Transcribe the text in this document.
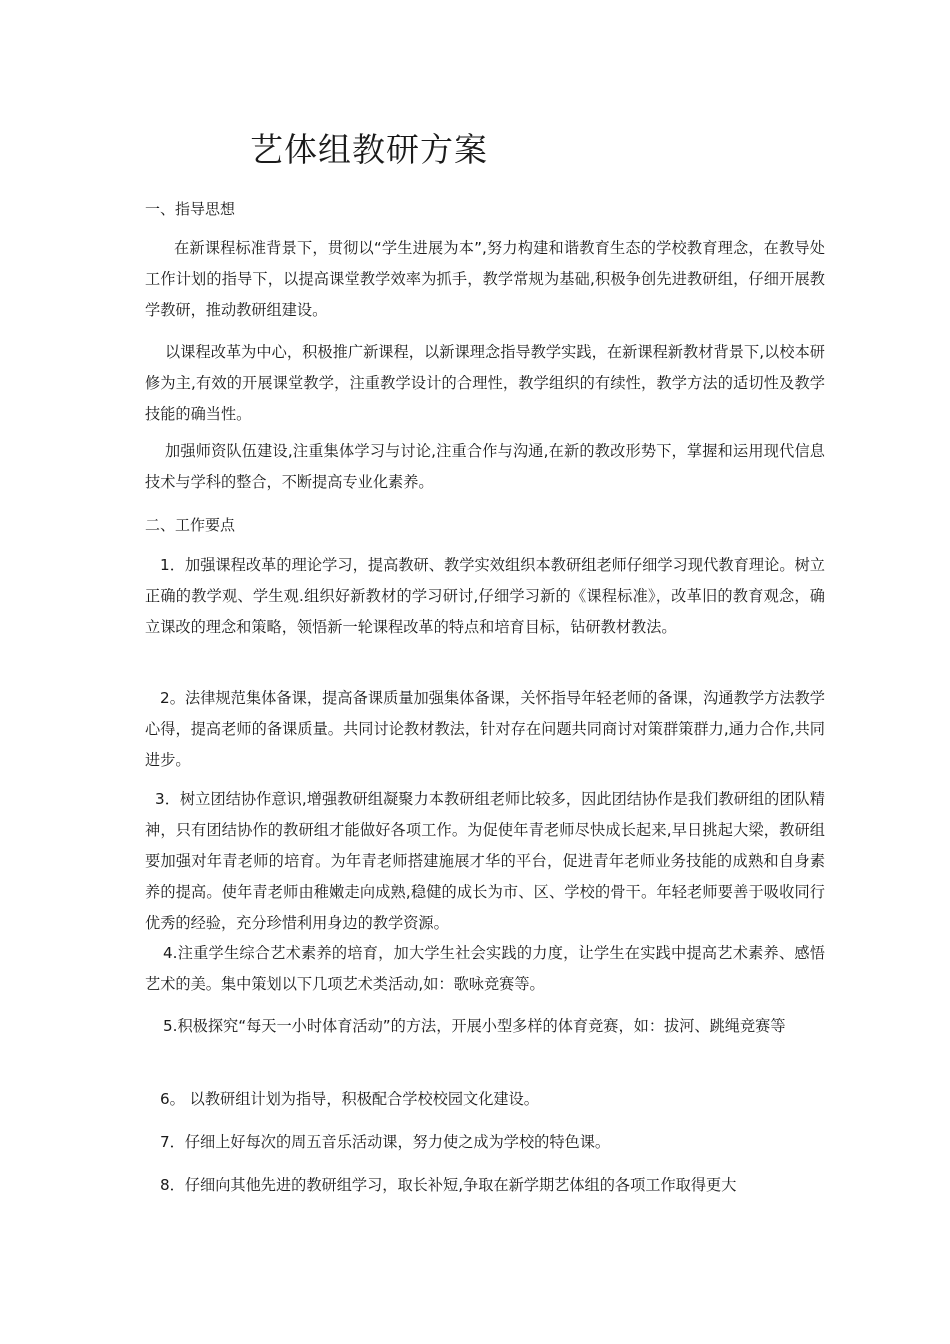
艺体组教研方案
一、指导思想

在新课程标准背景下，贯彻以“学生进展为本”,努力构建和谐教育生态的学校教育理念，在教导处工作计划的指导下，以提高课堂教学效率为抓手，教学常规为基础,积极争创先进教研组，仔细开展教学教研，推动教研组建设。

以课程改革为中心，积极推广新课程，以新课理念指导教学实践，在新课程新教材背景下,以校本研修为主,有效的开展课堂教学，注重教学设计的合理性，教学组织的有续性，教学方法的适切性及教学技能的确当性。

加强师资队伍建设,注重集体学习与讨论,注重合作与沟通,在新的教改形势下，掌握和运用现代信息技术与学科的整合，不断提高专业化素养。

二、工作要点

1．加强课程改革的理论学习，提高教研、教学实效组织本教研组老师仔细学习现代教育理论。树立正确的教学观、学生观.组织好新教材的学习研讨,仔细学习新的《课程标准》，改革旧的教育观念，确立课改的理念和策略，领悟新一轮课程改革的特点和培育目标，钻研教材教法。

2。法律规范集体备课，提高备课质量加强集体备课，关怀指导年轻老师的备课，沟通教学方法教学心得，提高老师的备课质量。共同讨论教材教法，针对存在问题共同商讨对策群策群力,通力合作,共同进步。

3．树立团结协作意识,增强教研组凝聚力本教研组老师比较多，因此团结协作是我们教研组的团队精神，只有团结协作的教研组才能做好各项工作。为促使年青老师尽快成长起来,早日挑起大梁，教研组要加强对年青老师的培育。为年青老师搭建施展才华的平台，促进青年老师业务技能的成熟和自身素养的提高。使年青老师由稚嫩走向成熟,稳健的成长为市、区、学校的骨干。年轻老师要善于吸收同行优秀的经验，充分珍惜利用身边的教学资源。

4.注重学生综合艺术素养的培育，加大学生社会实践的力度，让学生在实践中提高艺术素养、感悟艺术的美。集中策划以下几项艺术类活动,如：歌咏竞赛等。

5.积极探究“每天一小时体育活动”的方法，开展小型多样的体育竞赛，如：拔河、跳绳竞赛等

6。 以教研组计划为指导，积极配合学校校园文化建设。

7．仔细上好每次的周五音乐活动课，努力使之成为学校的特色课。

8．仔细向其他先进的教研组学习，取长补短,争取在新学期艺体组的各项工作取得更大
